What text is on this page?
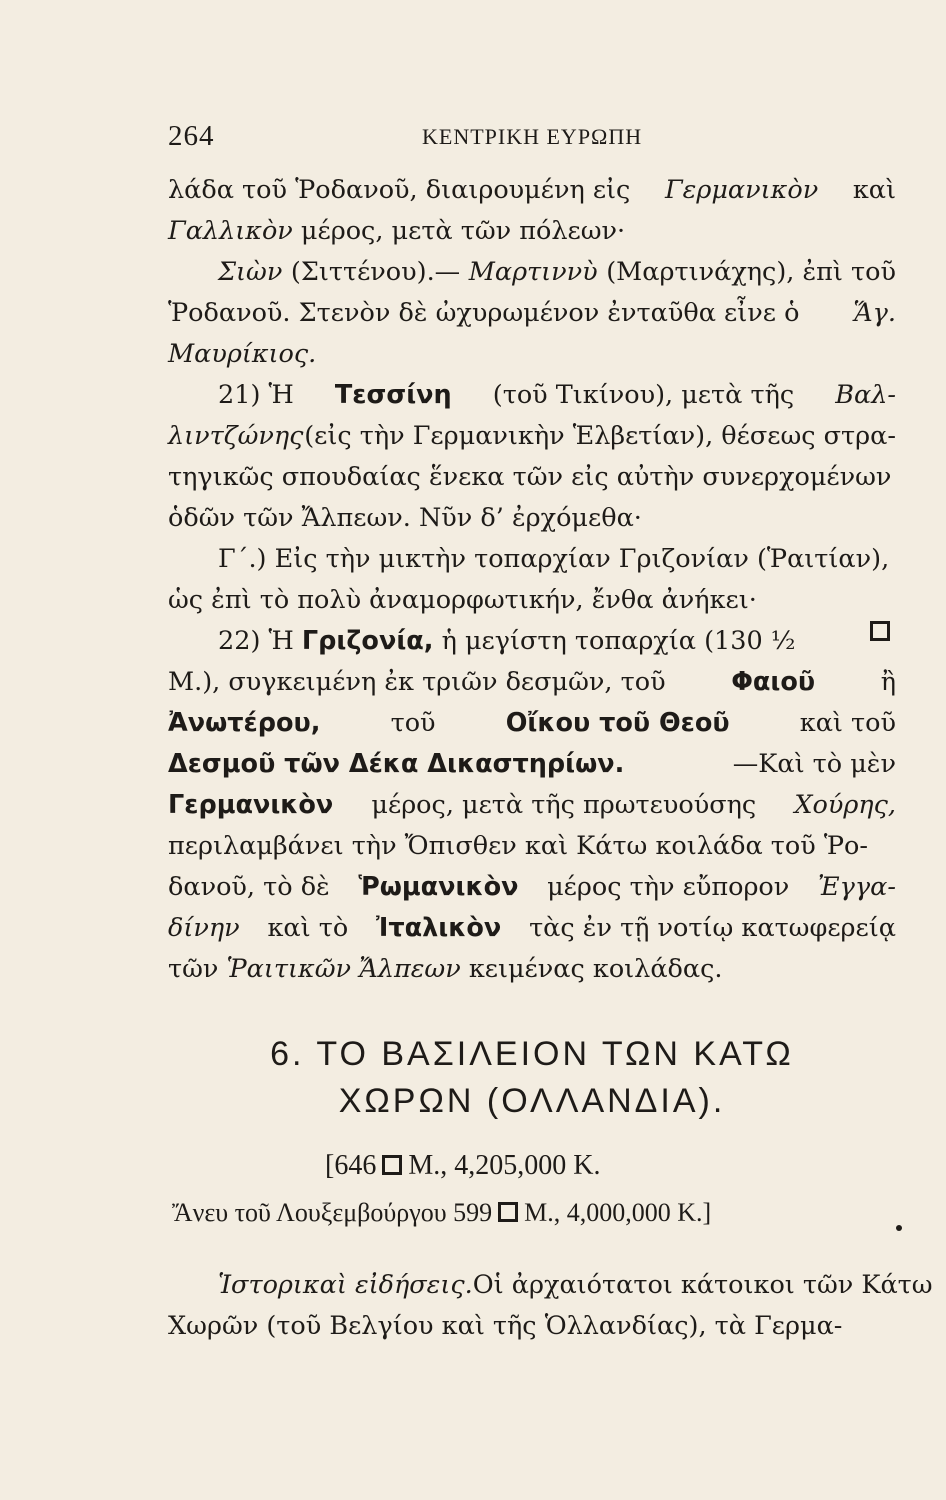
264	ΚΕΝΤΡΙΚΗ ΕΥΡΩΠΗ
λάδα τοῦ Ῥοδανοῦ, διαιρουμένη εἰς Γερμανικὸν καὶ
Γαλλικὸν μέρος, μετὰ τῶν πόλεων·
Σιὼν (Σιττένου).— Μαρτιννὺ (Μαρτινάχης), ἐπὶ τοῦ
Ῥοδανοῦ. Στενὸν δὲ ὠχυρωμένον ἐνταῦθα εἶνε ὁ Ἅγ.
Μαυρίκιος.
21) Ἡ Τεσσίνη (τοῦ Τικίνου), μετὰ τῆς Βαλ-
λιντζώνης (εἰς τὴν Γερμανικὴν Ἑλβετίαν), θέσεως στρα-
τηγικῶς σπουδαίας ἕνεκα τῶν εἰς αὐτὴν συνερχομένων
ὁδῶν τῶν Ἄλπεων. Νῦν δ’ ἐρχόμεθα·
Γ΄.) Εἰς τὴν μικτὴν τοπαρχίαν Γριζονίαν (Ῥαιτίαν),
ὡς ἐπὶ τὸ πολὺ ἀναμορφωτικήν, ἔνθα ἀνήκει·
22) Ἡ Γριζονία, ἡ μεγίστη τοπαρχία (130 ½
Μ.), συγκειμένη ἐκ τριῶν δεσμῶν, τοῦ	Φαιοῦ	ἢ
Ἀνωτέρου,	τοῦ	Οἴκου τοῦ Θεοῦ	καὶ τοῦ
Δεσμοῦ τῶν Δέκα Δικαστηρίων.	—Καὶ τὸ μὲν
Γερμανικὸν μέρος, μετὰ τῆς πρωτευούσης Χούρης,
περιλαμβάνει τὴν Ὄπισθεν καὶ Κάτω κοιλάδα τοῦ Ῥο-
δανοῦ, τὸ δὲ Ῥωμανικὸν μέρος τὴν εὔπορον Ἐγγα-
δίνην καὶ τὸ Ἰταλικὸν τὰς ἐν τῇ νοτίῳ κατωφερείᾳ
τῶν Ῥαιτικῶν Ἄλπεων κειμένας κοιλάδας.
6. ΤΟ ΒΑΣΙΛΕΙΟΝ ΤΩΝ ΚΑΤΩ
ΧΩΡΩΝ (ΟΛΛΑΝΔΙΑ).
[646 Μ., 4,205,000 Κ.
Ἄνευ τοῦ Λουξεμβούργου 599 Μ., 4,000,000 Κ.]
Ἱστορικαὶ εἰδήσεις. Οἱ ἀρχαιότατοι κάτοικοι τῶν Κάτω
Χωρῶν (τοῦ Βελγίου καὶ τῆς Ὁλλανδίας), τὰ Γερμα-
